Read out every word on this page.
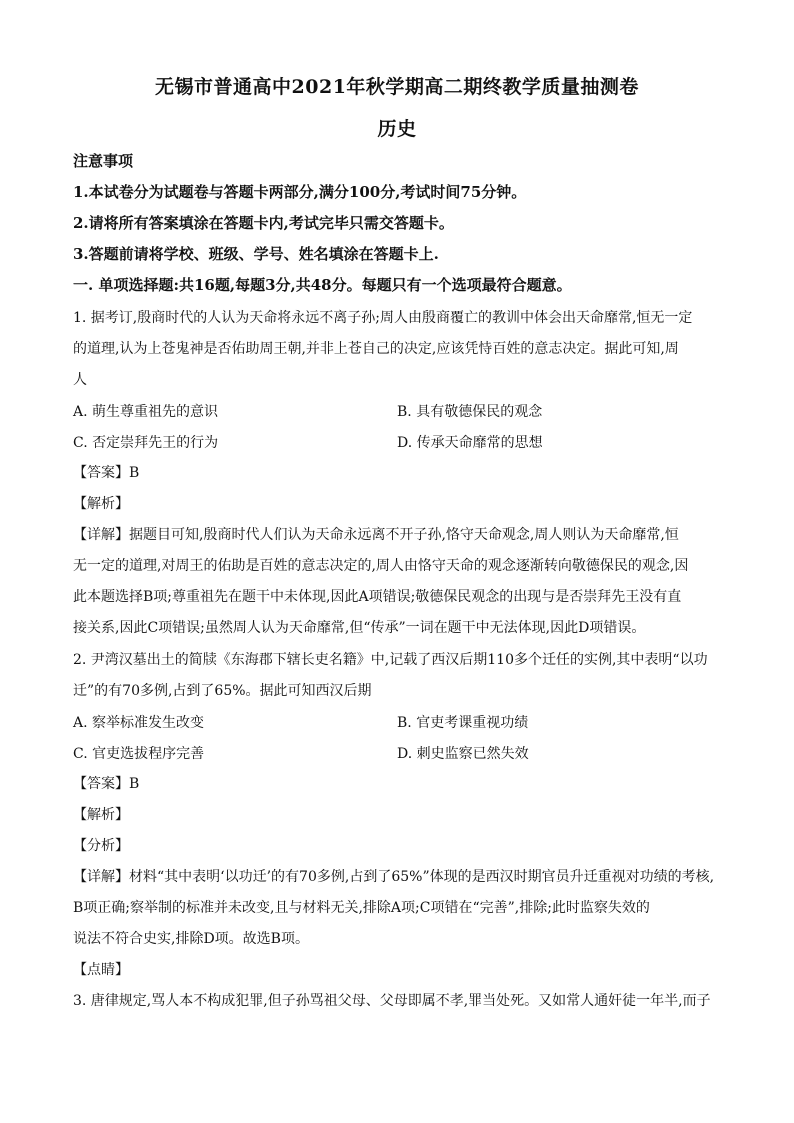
无锡市普通高中2021年秋学期高二期终教学质量抽测卷
历史
注意事项
1.本试卷分为试题卷与答题卡两部分,满分100分,考试时间75分钟。
2.请将所有答案填涂在答题卡内,考试完毕只需交答题卡。
3.答题前请将学校、班级、学号、姓名填涂在答题卡上.
一. 单项选择题:共16题,每题3分,共48分。每题只有一个选项最符合题意。
1. 据考订,殷商时代的人认为天命将永远不离子孙;周人由殷商覆亡的教训中体会出天命靡常,恒无一定
的道理,认为上苍鬼神是否佑助周王朝,并非上苍自己的决定,应该凭恃百姓的意志决定。据此可知,周
人
A. 萌生尊重祖先的意识	B. 具有敬德保民的观念
C. 否定崇拜先王的行为	D. 传承天命靡常的思想
【答案】B
【解析】
【详解】据题目可知,殷商时代人们认为天命永远离不开子孙,恪守天命观念,周人则认为天命靡常,恒
无一定的道理,对周王的佑助是百姓的意志决定的,周人由恪守天命的观念逐渐转向敬德保民的观念,因
此本题选择B项;尊重祖先在题干中未体现,因此A项错误;敬德保民观念的出现与是否崇拜先王没有直
接关系,因此C项错误;虽然周人认为天命靡常,但“传承”一词在题干中无法体现,因此D项错误。
2. 尹湾汉墓出土的简牍《东海郡下辖长吏名籍》中,记载了西汉后期110多个迁任的实例,其中表明“以功
迁”的有70多例,占到了65%。据此可知西汉后期
A. 察举标准发生改变	B. 官吏考课重视功绩
C. 官吏选拔程序完善	D. 刺史监察已然失效
【答案】B
【解析】
【分析】
【详解】材料“其中表明‘以功迁’的有70多例,占到了65%”体现的是西汉时期官员升迁重视对功绩的考核,
B项正确;察举制的标准并未改变,且与材料无关,排除A项;C项错在“完善”,排除;此时监察失效的
说法不符合史实,排除D项。故选B项。
【点睛】
3. 唐律规定,骂人本不构成犯罪,但子孙骂祖父母、父母即属不孝,罪当处死。又如常人通奸徒一年半,而子
